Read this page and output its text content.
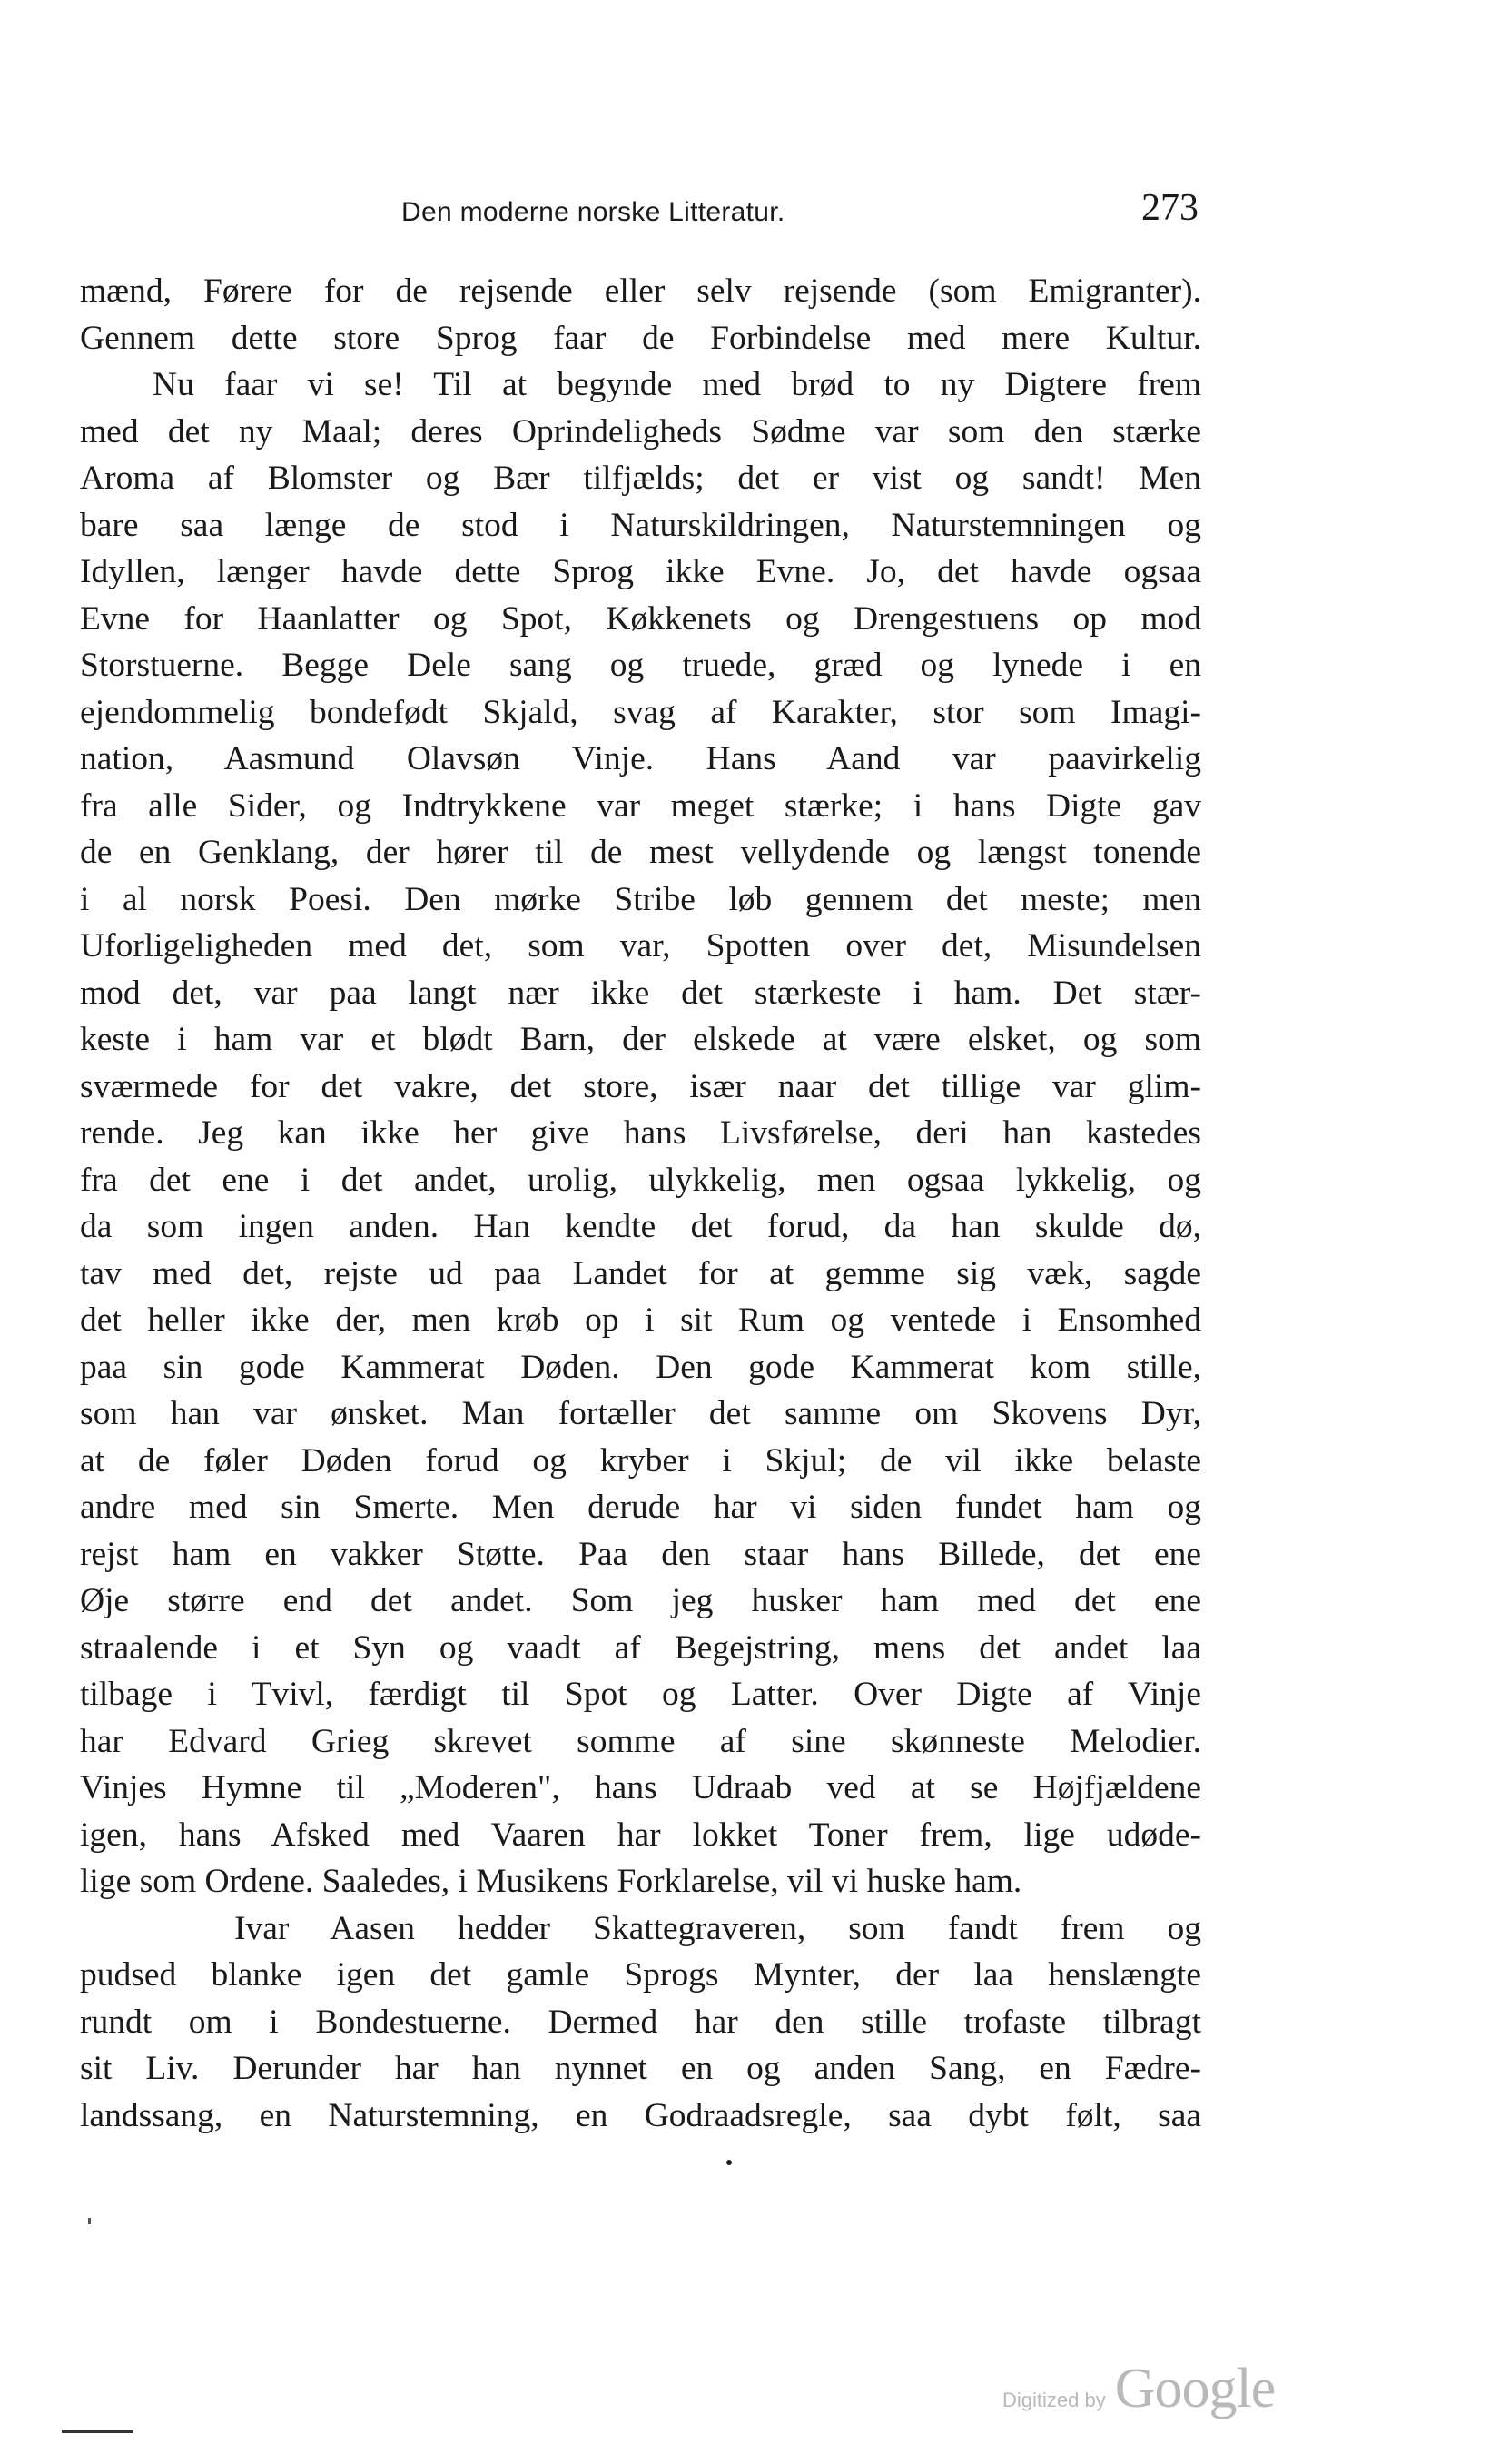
Den moderne norske Litteratur.	273
mænd, Førere for de rejsende eller selv rejsende (som Emigranter).
Gennem dette store Sprog faar de Forbindelse med mere Kultur.
Nu faar vi se! Til at begynde med brød to ny Digtere frem
med det ny Maal; deres Oprindeligheds Sødme var som den stærke
Aroma af Blomster og Bær tilfjælds; det er vist og sandt! Men
bare saa længe de stod i Naturskildringen, Naturstemningen og
Idyllen, længer havde dette Sprog ikke Evne. Jo, det havde ogsaa
Evne for Haanlatter og Spot, Køkkenets og Drengestuens op mod
Storstuerne. Begge Dele sang og truede, græd og lynede i en
ejendommelig bondefødt Skjald, svag af Karakter, stor som Imagi-
nation, Aasmund Olavsøn Vinje. Hans Aand var paavirkelig
fra alle Sider, og Indtrykkene var meget stærke; i hans Digte gav
de en Genklang, der hører til de mest vellydende og længst tonende
i al norsk Poesi. Den mørke Stribe løb gennem det meste; men
Uforligeligheden med det, som var, Spotten over det, Misundelsen
mod det, var paa langt nær ikke det stærkeste i ham. Det stær-
keste i ham var et blødt Barn, der elskede at være elsket, og som
sværmede for det vakre, det store, især naar det tillige var glim-
rende. Jeg kan ikke her give hans Livsførelse, deri han kastedes
fra det ene i det andet, urolig, ulykkelig, men ogsaa lykkelig, og
da som ingen anden. Han kendte det forud, da han skulde dø,
tav med det, rejste ud paa Landet for at gemme sig væk, sagde
det heller ikke der, men krøb op i sit Rum og ventede i Ensomhed
paa sin gode Kammerat Døden. Den gode Kammerat kom stille,
som han var ønsket. Man fortæller det samme om Skovens Dyr,
at de føler Døden forud og kryber i Skjul; de vil ikke belaste
andre med sin Smerte. Men derude har vi siden fundet ham og
rejst ham en vakker Støtte. Paa den staar hans Billede, det ene
Øje større end det andet. Som jeg husker ham med det ene
straalende i et Syn og vaadt af Begejstring, mens det andet laa
tilbage i Tvivl, færdigt til Spot og Latter. Over Digte af Vinje
har Edvard Grieg skrevet somme af sine skønneste Melodier.
Vinjes Hymne til „Moderen", hans Udraab ved at se Højfjældene
igen, hans Afsked med Vaaren har lokket Toner frem, lige udøde-
lige som Ordene. Saaledes, i Musikens Forklarelse, vil vi huske ham.
Ivar Aasen hedder Skattegraveren, som fandt frem og
pudsed blanke igen det gamle Sprogs Mynter, der laa henslængte
rundt om i Bondestuerne. Dermed har den stille trofaste tilbragt
sit Liv. Derunder har han nynnet en og anden Sang, en Fædre-
landssang, en Naturstemning, en Godraadsregle, saa dybt følt, saa
Digitized by Google
